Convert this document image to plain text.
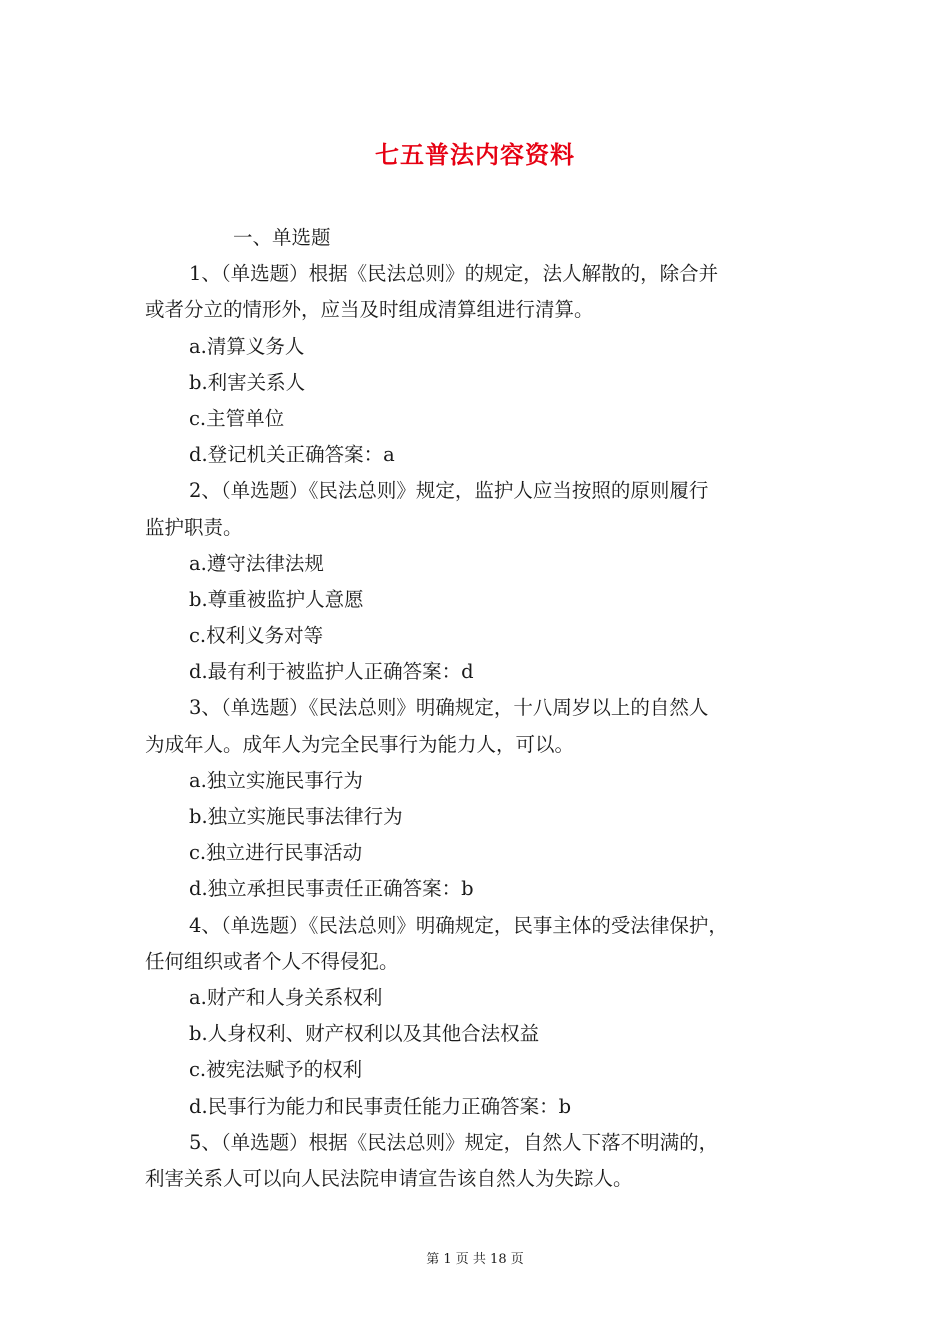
七五普法内容资料
一、单选题
1、（单选题）根据《民法总则》的规定，法人解散的，除合并
或者分立的情形外，应当及时组成清算组进行清算。
a.清算义务人
b.利害关系人
c.主管单位
d.登记机关正确答案：a
2、（单选题）《民法总则》规定，监护人应当按照的原则履行
监护职责。
a.遵守法律法规
b.尊重被监护人意愿
c.权利义务对等
d.最有利于被监护人正确答案：d
3、（单选题）《民法总则》明确规定，十八周岁以上的自然人
为成年人。成年人为完全民事行为能力人，可以。
a.独立实施民事行为
b.独立实施民事法律行为
c.独立进行民事活动
d.独立承担民事责任正确答案：b
4、（单选题）《民法总则》明确规定，民事主体的受法律保护，
任何组织或者个人不得侵犯。
a.财产和人身关系权利
b.人身权利、财产权利以及其他合法权益
c.被宪法赋予的权利
d.民事行为能力和民事责任能力正确答案：b
5、（单选题）根据《民法总则》规定，自然人下落不明满的，
利害关系人可以向人民法院申请宣告该自然人为失踪人。
第 1 页 共 18 页
